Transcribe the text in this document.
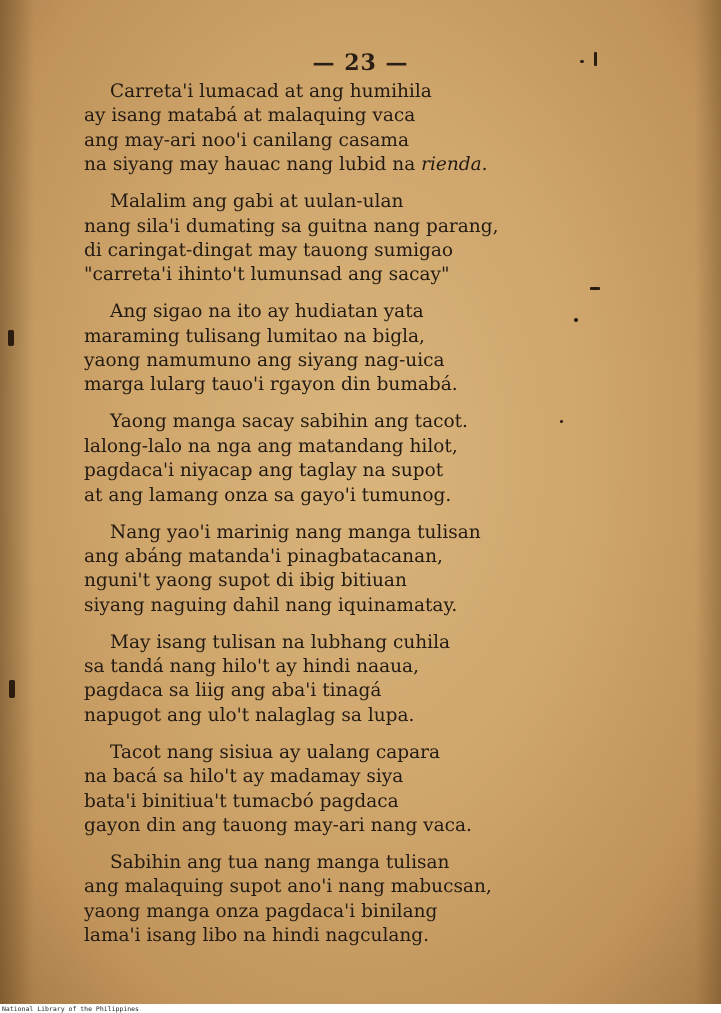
— 23 —
Carreta'i lumacad at ang humihila
ay isang matabá at malaquing vaca
ang may-ari noo'i canilang casama
na siyang may hauac nang lubid na rienda.
Malalim ang gabi at uulan-ulan
nang sila'i dumating sa guitna nang parang,
di caringat-dingat may tauong sumigao
"carreta'i ihinto't lumunsad ang sacay"
Ang sigao na ito ay hudiatan yata
maraming tulisang lumitao na bigla,
yaong namumuno ang siyang nag-uica
marga lularg tauo'i rgayon din bumabá.
Yaong manga sacay sabihin ang tacot.
lalong-lalo na nga ang matandang hilot,
pagdaca'i niyacap ang taglay na supot
at ang lamang onza sa gayo'i tumunog.
Nang yao'i marinig nang manga tulisan
ang abáng matanda'i pinagbatacanan,
nguni't yaong supot di ibig bitiuan
siyang naguing dahil nang iquinamatay.
May isang tulisan na lubhang cuhila
sa tandá nang hilo't ay hindi naaua,
pagdaca sa liig ang aba'i tinagá
napugot ang ulo't nalaglag sa lupa.
Tacot nang sisiua ay ualang capara
na bacá sa hilo't ay madamay siya
bata'i binitiua't tumacbó pagdaca
gayon din ang tauong may-ari nang vaca.
Sabihin ang tua nang manga tulisan
ang malaquing supot ano'i nang mabucsan,
yaong manga onza pagdaca'i binilang
lama'i isang libo na hindi nagculang.
National Library of the Philippines
